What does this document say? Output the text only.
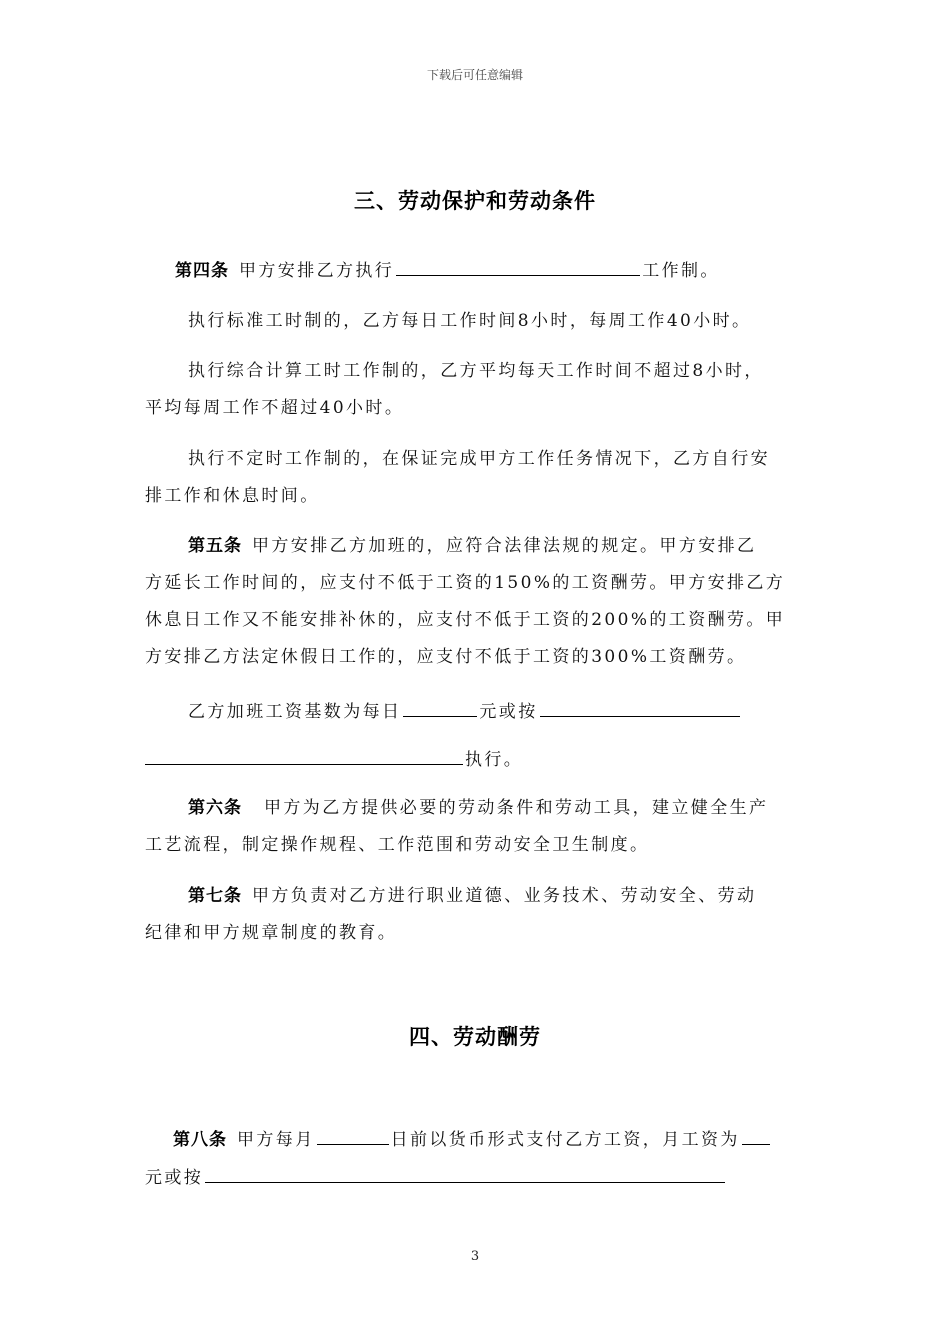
下载后可任意编辑
三、劳动保护和劳动条件
第四条 甲方安排乙方执行	工作制。
执行标准工时制的，乙方每日工作时间8小时，每周工作40小时。
执行综合计算工时工作制的，乙方平均每天工作时间不超过8小时，
平均每周工作不超过40小时。
执行不定时工作制的，在保证完成甲方工作任务情况下，乙方自行安
排工作和休息时间。
第五条 甲方安排乙方加班的，应符合法律法规的规定。甲方安排乙
方延长工作时间的，应支付不低于工资的150%的工资酬劳。甲方安排乙方
休息日工作又不能安排补休的，应支付不低于工资的200%的工资酬劳。甲
方安排乙方法定休假日工作的，应支付不低于工资的300%工资酬劳。
乙方加班工资基数为每日	元或按
执行。
第六条 甲方为乙方提供必要的劳动条件和劳动工具，建立健全生产
工艺流程，制定操作规程、工作范围和劳动安全卫生制度。
第七条 甲方负责对乙方进行职业道德、业务技术、劳动安全、劳动
纪律和甲方规章制度的教育。
四、劳动酬劳
第八条 甲方每月	日前以货币形式支付乙方工资，月工资为
元或按
3
